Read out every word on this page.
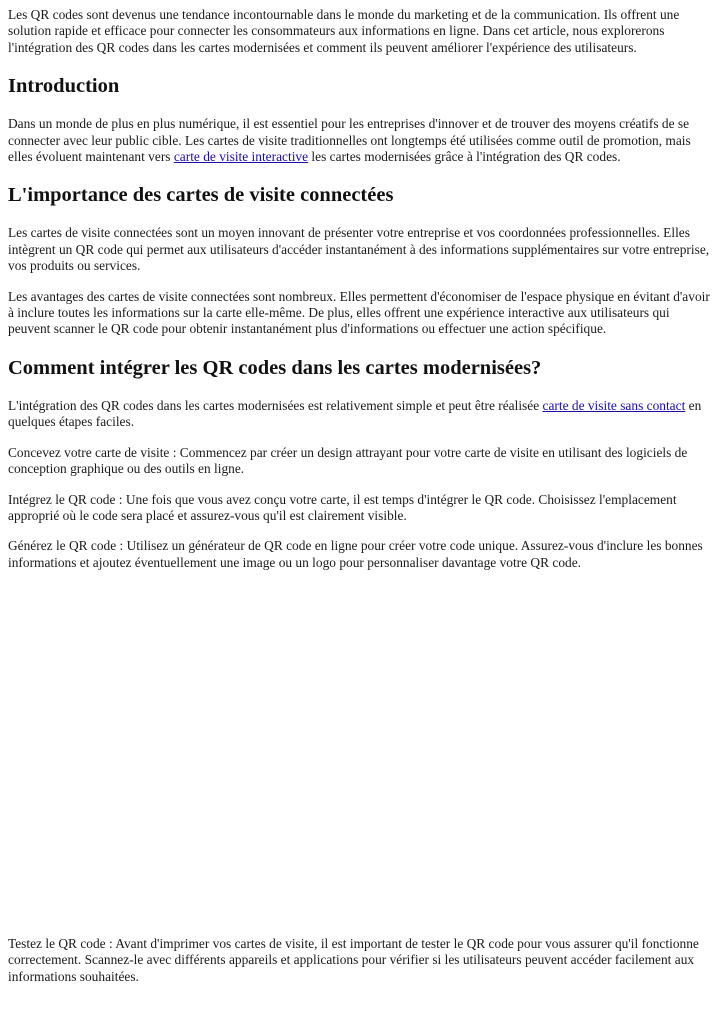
Les QR codes sont devenus une tendance incontournable dans le monde du marketing et de la communication. Ils offrent une solution rapide et efficace pour connecter les consommateurs aux informations en ligne. Dans cet article, nous explorerons l'intégration des QR codes dans les cartes modernisées et comment ils peuvent améliorer l'expérience des utilisateurs.

Introduction

Dans un monde de plus en plus numérique, il est essentiel pour les entreprises d'innover et de trouver des moyens créatifs de se connecter avec leur public cible. Les cartes de visite traditionnelles ont longtemps été utilisées comme outil de promotion, mais elles évoluent maintenant vers carte de visite interactive les cartes modernisées grâce à l'intégration des QR codes.

L'importance des cartes de visite connectées

Les cartes de visite connectées sont un moyen innovant de présenter votre entreprise et vos coordonnées professionnelles. Elles intègrent un QR code qui permet aux utilisateurs d'accéder instantanément à des informations supplémentaires sur votre entreprise, vos produits ou services.

Les avantages des cartes de visite connectées sont nombreux. Elles permettent d'économiser de l'espace physique en évitant d'avoir à inclure toutes les informations sur la carte elle-même. De plus, elles offrent une expérience interactive aux utilisateurs qui peuvent scanner le QR code pour obtenir instantanément plus d'informations ou effectuer une action spécifique.

Comment intégrer les QR codes dans les cartes modernisées?

L'intégration des QR codes dans les cartes modernisées est relativement simple et peut être réalisée carte de visite sans contact en quelques étapes faciles.

Concevez votre carte de visite : Commencez par créer un design attrayant pour votre carte de visite en utilisant des logiciels de conception graphique ou des outils en ligne.

Intégrez le QR code : Une fois que vous avez conçu votre carte, il est temps d'intégrer le QR code. Choisissez l'emplacement approprié où le code sera placé et assurez-vous qu'il est clairement visible.

Générez le QR code : Utilisez un générateur de QR code en ligne pour créer votre code unique. Assurez-vous d'inclure les bonnes informations et ajoutez éventuellement une image ou un logo pour personnaliser davantage votre QR code.

Testez le QR code : Avant d'imprimer vos cartes de visite, il est important de tester le QR code pour vous assurer qu'il fonctionne correctement. Scannez-le avec différents appareils et applications pour vérifier si les utilisateurs peuvent accéder facilement aux informations souhaitées.
